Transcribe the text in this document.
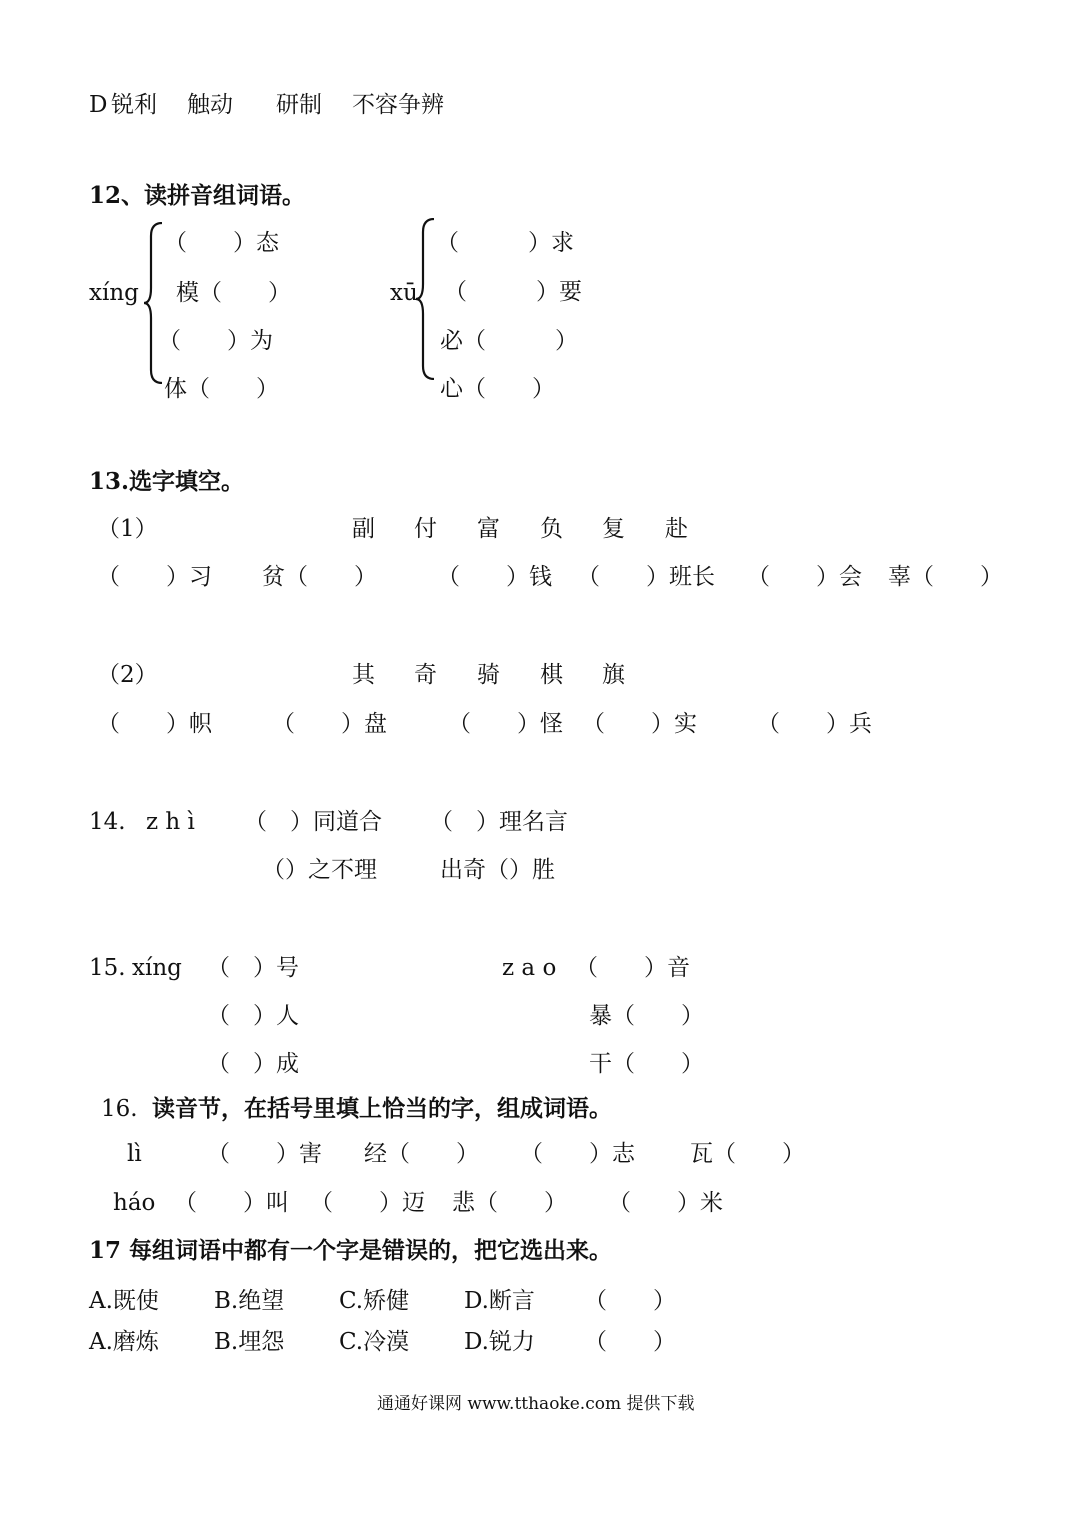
D 锐利 触动 研制 不容争辨
12、读拼音组词语。
xíng
（　　）态
模（　　）
（　　）为
体（　　）
xū
（　　　）求
（　　　）要
必（　　　）
心（　　）
13.选字填空。
（1）	副 付 富 负 复 赴
（　　）习 贫（　　）	（　　）钱 （　　）班长 （　　）会 辜（　　）
（2）	其 奇 骑 棋 旗
（　　）帜	（　　）盘	（　　）怪 （　　）实	（　　）兵
14. z h ì （　）同道合 （　）理名言
（）之不理	出奇（）胜
15. xíng （　）号
（　）人
（　）成
z a o （　　）音
暴（　　）
干（　　）
16. 读音节，在括号里填上恰当的字，组成词语。
lì	（　　）害 经（　　） （　　）志 瓦（　　）
háo （　　）叫 （　　）迈 悲（　　） （　　）米
17 每组词语中都有一个字是错误的，把它选出来。
A.既使 B.绝望 C.矫健 D.断言 （　　）
A.磨炼 B.埋怨 C.冷漠 D.锐力 （　　）
通通好课网 www.tthaoke.com 提供下载
